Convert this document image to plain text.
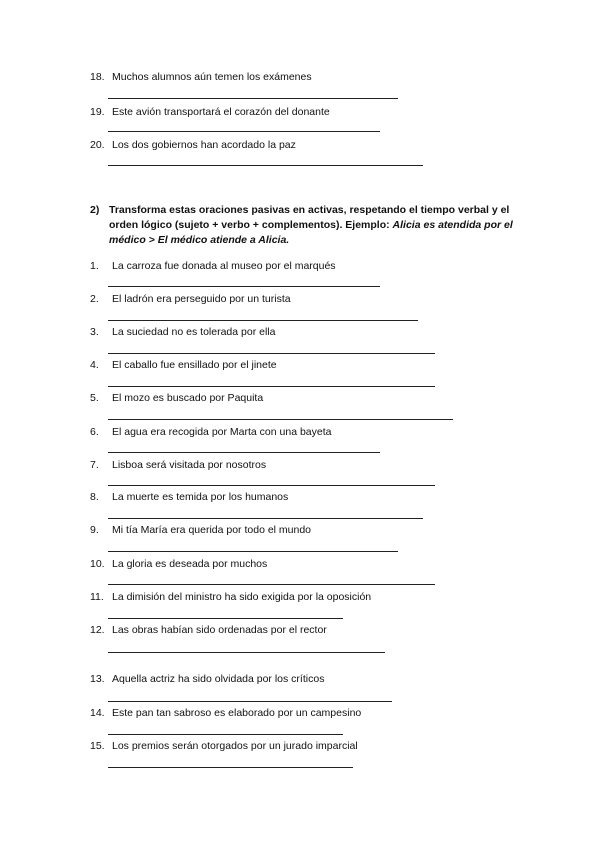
18. Muchos alumnos aún temen los exámenes
19. Este avión transportará el corazón del donante
20. Los dos gobiernos han acordado la paz
2) Transforma estas oraciones pasivas en activas, respetando el tiempo verbal y el orden lógico (sujeto + verbo + complementos). Ejemplo: Alicia es atendida por el médico > El médico atiende a Alicia.
1. La carroza fue donada al museo por el marqués
2. El ladrón era perseguido por un turista
3. La suciedad no es tolerada por ella
4. El caballo fue ensillado por el jinete
5. El mozo es buscado por Paquita
6. El agua era recogida por Marta con una bayeta
7. Lisboa será visitada por nosotros
8. La muerte es temida por los humanos
9. Mi tía María era querida por todo el mundo
10. La gloria es deseada por muchos
11. La dimisión del ministro ha sido exigida por la oposición
12. Las obras habían sido ordenadas por el rector
13. Aquella actriz ha sido olvidada por los críticos
14. Este pan tan sabroso es elaborado por un campesino
15. Los premios serán otorgados por un jurado imparcial
